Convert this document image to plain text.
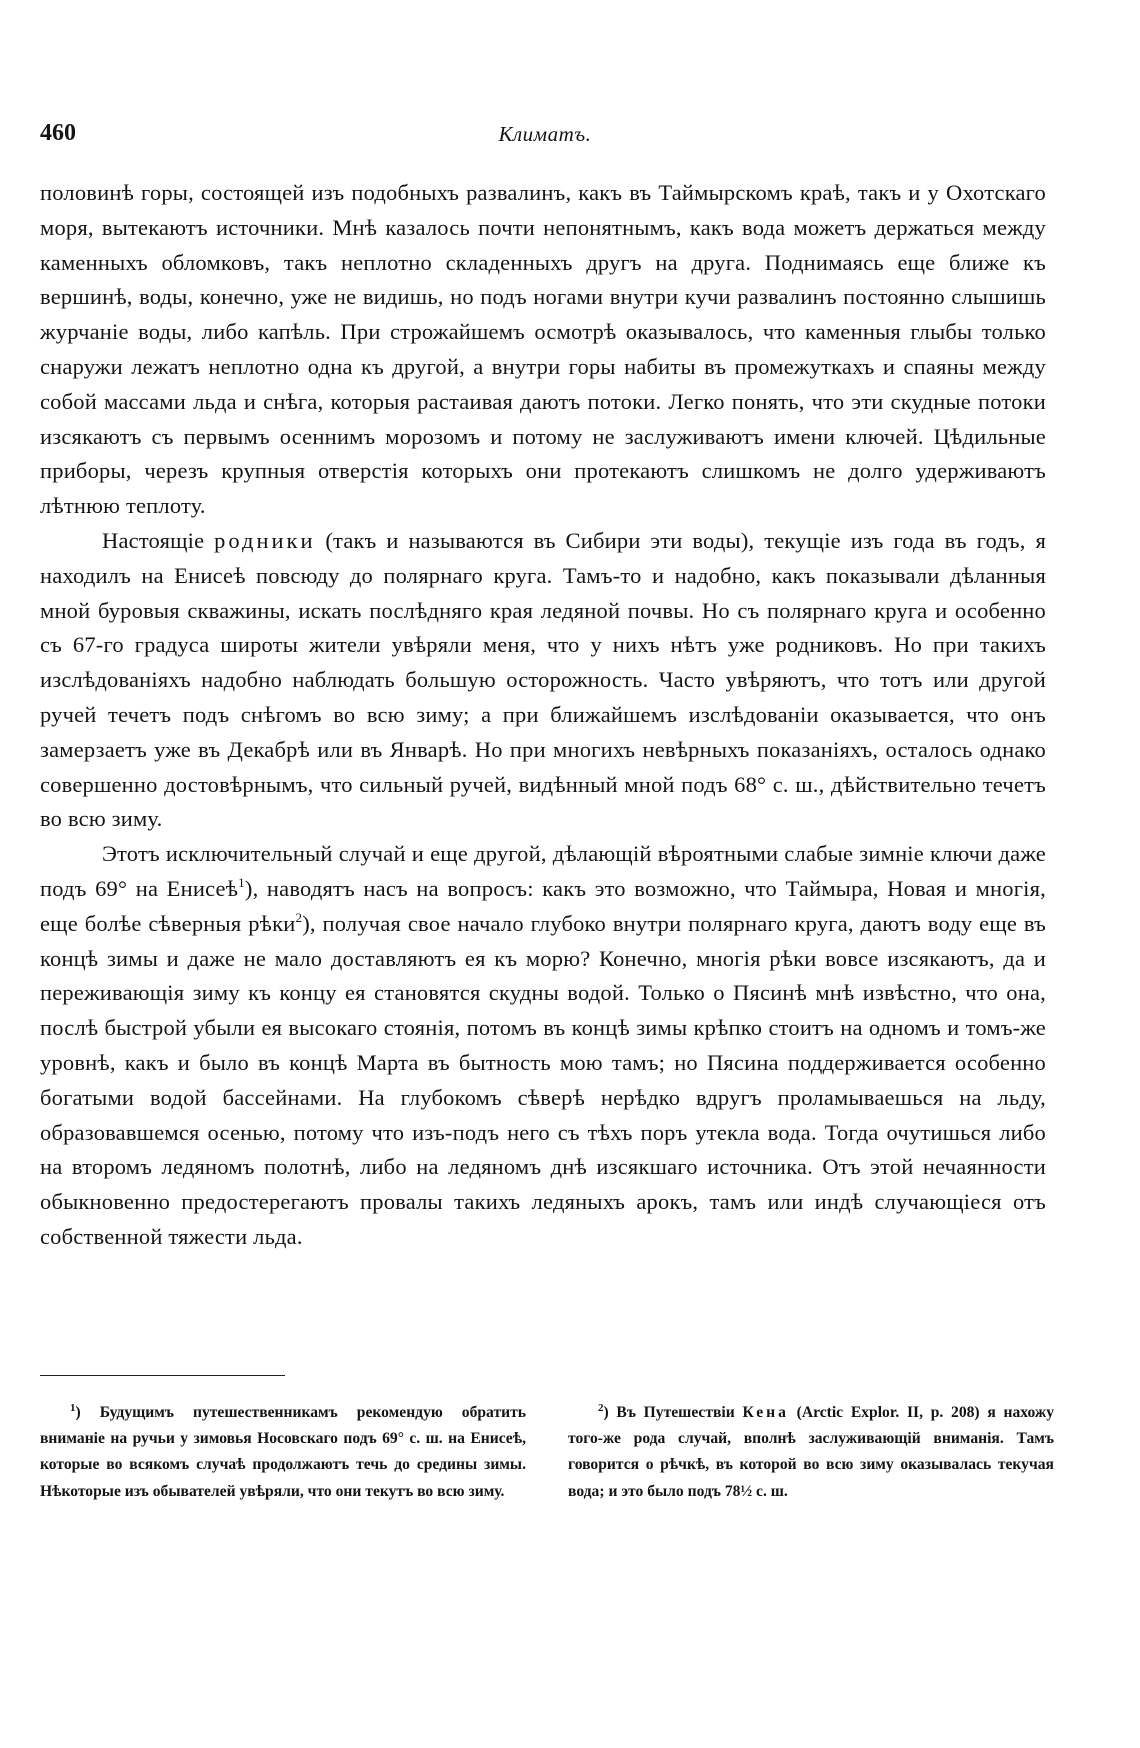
460	Климатъ.

половинѣ горы, состоящей изъ подобныхъ развалинъ, какъ въ Таймырскомъ краѣ, такъ и у Охотскаго моря, вытекаютъ источники. Мнѣ казалось почти непонятнымъ, какъ вода можетъ держаться между каменныхъ обломковъ, такъ неплотно складенныхъ другъ на друга. Поднимаясь еще ближе къ вершинѣ, воды, конечно, уже не видишь, но подъ ногами внутри кучи развалинъ постоянно слышишь журчаніе воды, либо капѣль. При строжайшемъ осмотрѣ оказывалось, что каменныя глыбы только снаружи лежатъ неплотно одна къ другой, а внутри горы набиты въ промежуткахъ и спаяны между собой массами льда и снѣга, которыя растаивая даютъ потоки. Легко понять, что эти скудные потоки изсякаютъ съ первымъ осеннимъ морозомъ и потому не заслуживаютъ имени ключей. Цѣдильные приборы, черезъ крупныя отверстія которыхъ они протекаютъ слишкомъ не долго удерживаютъ лѣтнюю теплоту.

Настоящіе родники (такъ и называются въ Сибири эти воды), текущіе изъ года въ годъ, я находилъ на Енисеѣ повсюду до полярнаго круга. Тамъ-то и надобно, какъ показывали дѣланныя мной буровыя скважины, искать послѣдняго края ледяной почвы. Но съ полярнаго круга и особенно съ 67-го градуса широты жители увѣряли меня, что у нихъ нѣтъ уже родниковъ. Но при такихъ изслѣдованіяхъ надобно наблюдать большую осторожность. Часто увѣряютъ, что тотъ или другой ручей течетъ подъ снѣгомъ во всю зиму; а при ближайшемъ изслѣдованіи оказывается, что онъ замерзаетъ уже въ Декабрѣ или въ Январѣ. Но при многихъ невѣрныхъ показаніяхъ, осталось однако совершенно достовѣрнымъ, что сильный ручей, видѣнный мной подъ 68° с. ш., дѣйствительно течетъ во всю зиму.

Этотъ исключительный случай и еще другой, дѣлающій вѣроятными слабые зимніе ключи даже подъ 69° на Енисеѣ$^1$), наводятъ насъ на вопросъ: какъ это возможно, что Таймыра, Новая и многія, еще болѣе сѣверныя рѣки$^2$), получая свое начало глубоко внутри полярнаго круга, даютъ воду еще въ концѣ зимы и даже не мало доставляютъ ея къ морю? Конечно, многія рѣки вовсе изсякаютъ, да и переживающія зиму къ концу ея становятся скудны водой. Только о Пясинѣ мнѣ извѣстно, что она, послѣ быстрой убыли ея высокаго стоянія, потомъ въ концѣ зимы крѣпко стоитъ на одномъ и томъ-же уровнѣ, какъ и было въ концѣ Марта въ бытность мою тамъ; но Пясина поддерживается особенно богатыми водой бассейнами. На глубокомъ сѣверѣ нерѣдко вдругъ проламываешься на льду, образовавшемся осенью, потому что изъ-подъ него съ тѣхъ поръ утекла вода. Тогда очутишься либо на второмъ ледяномъ полотнѣ, либо на ледяномъ днѣ изсякшаго источника. Отъ этой нечаянности обыкновенно предостерегаютъ провалы такихъ ледяныхъ арокъ, тамъ или индѣ случающіеся отъ собственной тяжести льда.

$^1$) Будущимъ путешественникамъ рекомендую обратить вниманіе на ручьи у зимовья Носовскаго подъ 69° с. ш. на Енисеѣ, которые во всякомъ случаѣ продолжаютъ течь до средины зимы. Нѣкоторые изъ обывателей увѣряли, что они текутъ во всю зиму.
$^2$) Въ Путешествіи Кена (Arctic Explor. II, p. 208) я нахожу того-же рода случай, вполнѣ заслуживающій вниманія. Тамъ говорится о рѣчкѣ, въ которой во всю зиму оказывалась текучая вода; и это было подъ 78½ с. ш.
